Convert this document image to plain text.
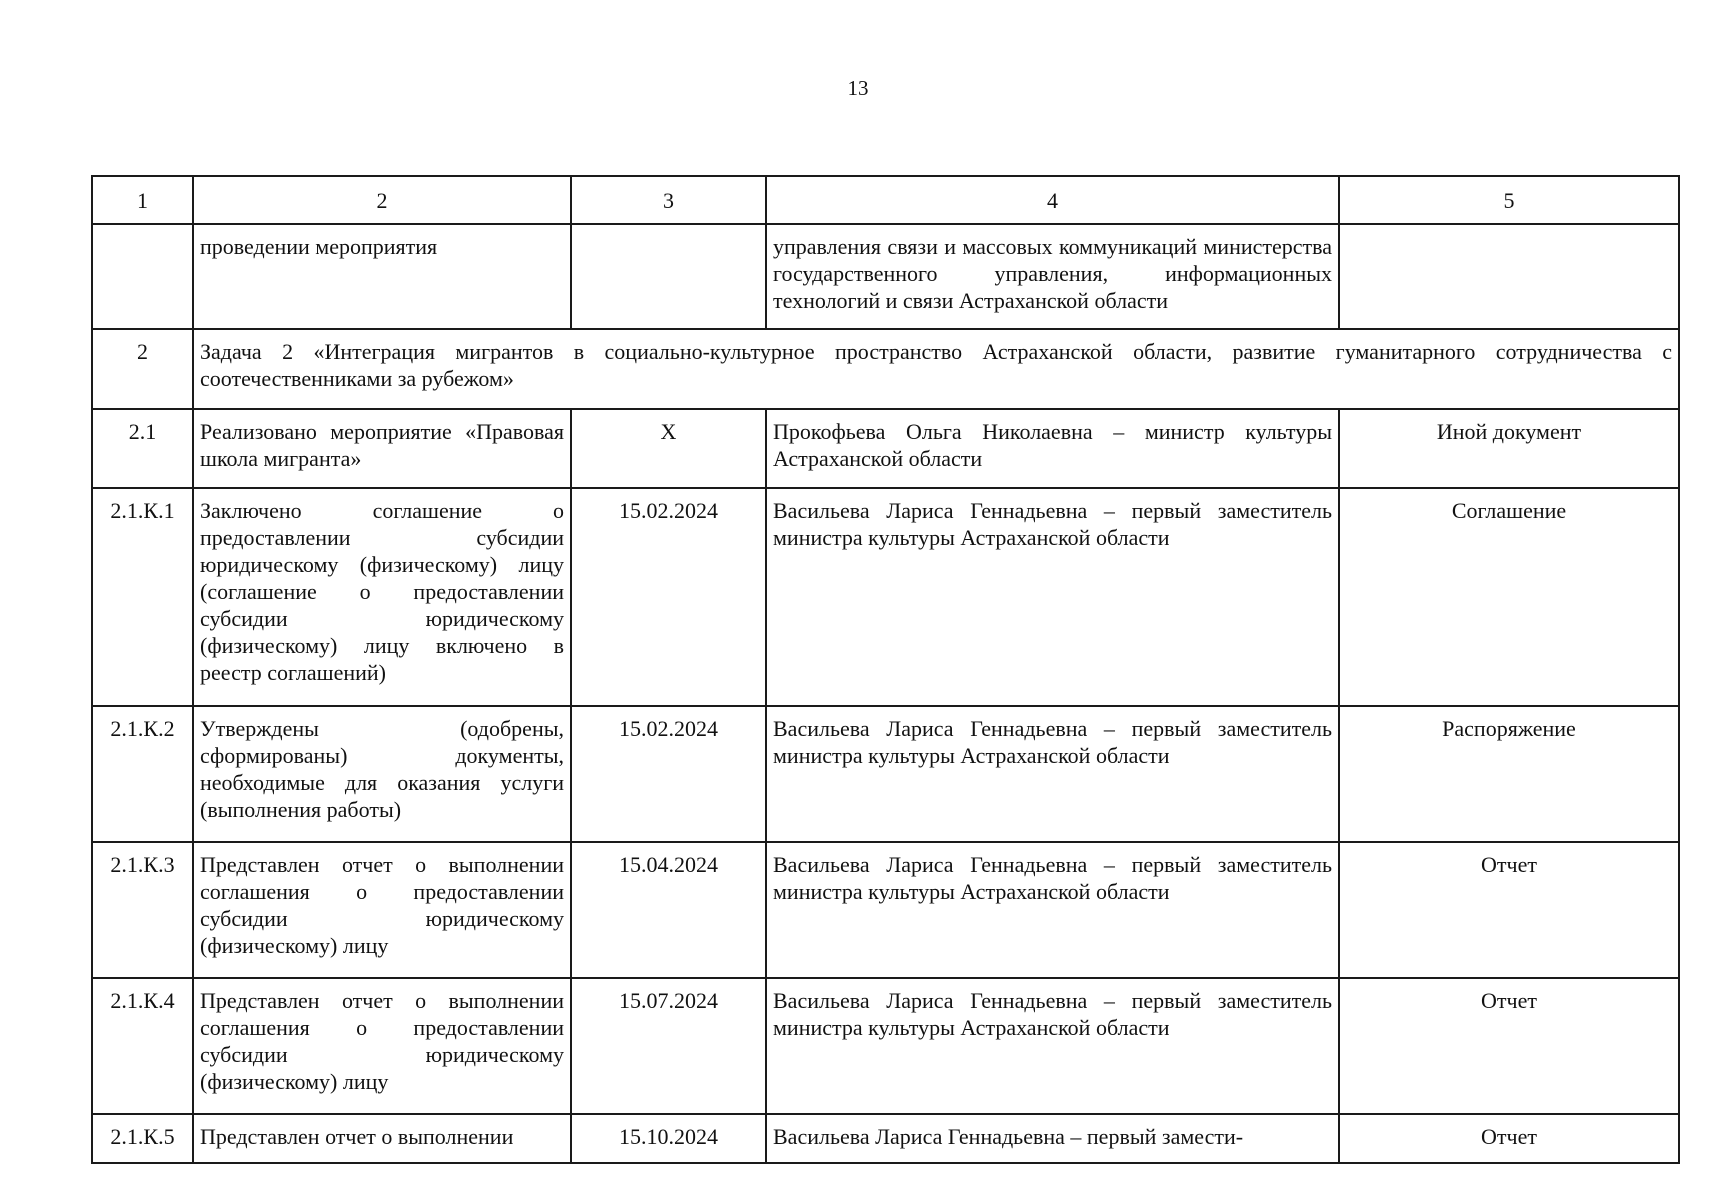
13
1	2	3	4	5
	проведении мероприятия		управления связи и массовых коммуникаций министерства государственного управления, информационных технологий и связи Астраханской области	
2	Задача 2 «Интеграция мигрантов в социально-культурное пространство Астраханской области, развитие гуманитарного сотрудничества с соотечественниками за рубежом»			
2.1	Реализовано мероприятие «Правовая школа мигранта»	X	Прокофьева Ольга Николаевна – министр культуры Астраханской области	Иной документ
2.1.К.1	Заключено соглашение о предоставлении субсидии юридическому (физическому) лицу (соглашение о предоставлении субсидии юридическому (физическому) лицу включено в реестр соглашений)	15.02.2024	Васильева Лариса Геннадьевна – первый заместитель министра культуры Астраханской области	Соглашение
2.1.К.2	Утверждены (одобрены, сформированы) документы, необходимые для оказания услуги (выполнения работы)	15.02.2024	Васильева Лариса Геннадьевна – первый заместитель министра культуры Астраханской области	Распоряжение
2.1.К.3	Представлен отчет о выполнении соглашения о предоставлении субсидии юридическому (физическому) лицу	15.04.2024	Васильева Лариса Геннадьевна – первый заместитель министра культуры Астраханской области	Отчет
2.1.К.4	Представлен отчет о выполнении соглашения о предоставлении субсидии юридическому (физическому) лицу	15.07.2024	Васильева Лариса Геннадьевна – первый заместитель министра культуры Астраханской области	Отчет
2.1.К.5	Представлен отчет о выполнении	15.10.2024	Васильева Лариса Геннадьевна – первый замести-	Отчет
